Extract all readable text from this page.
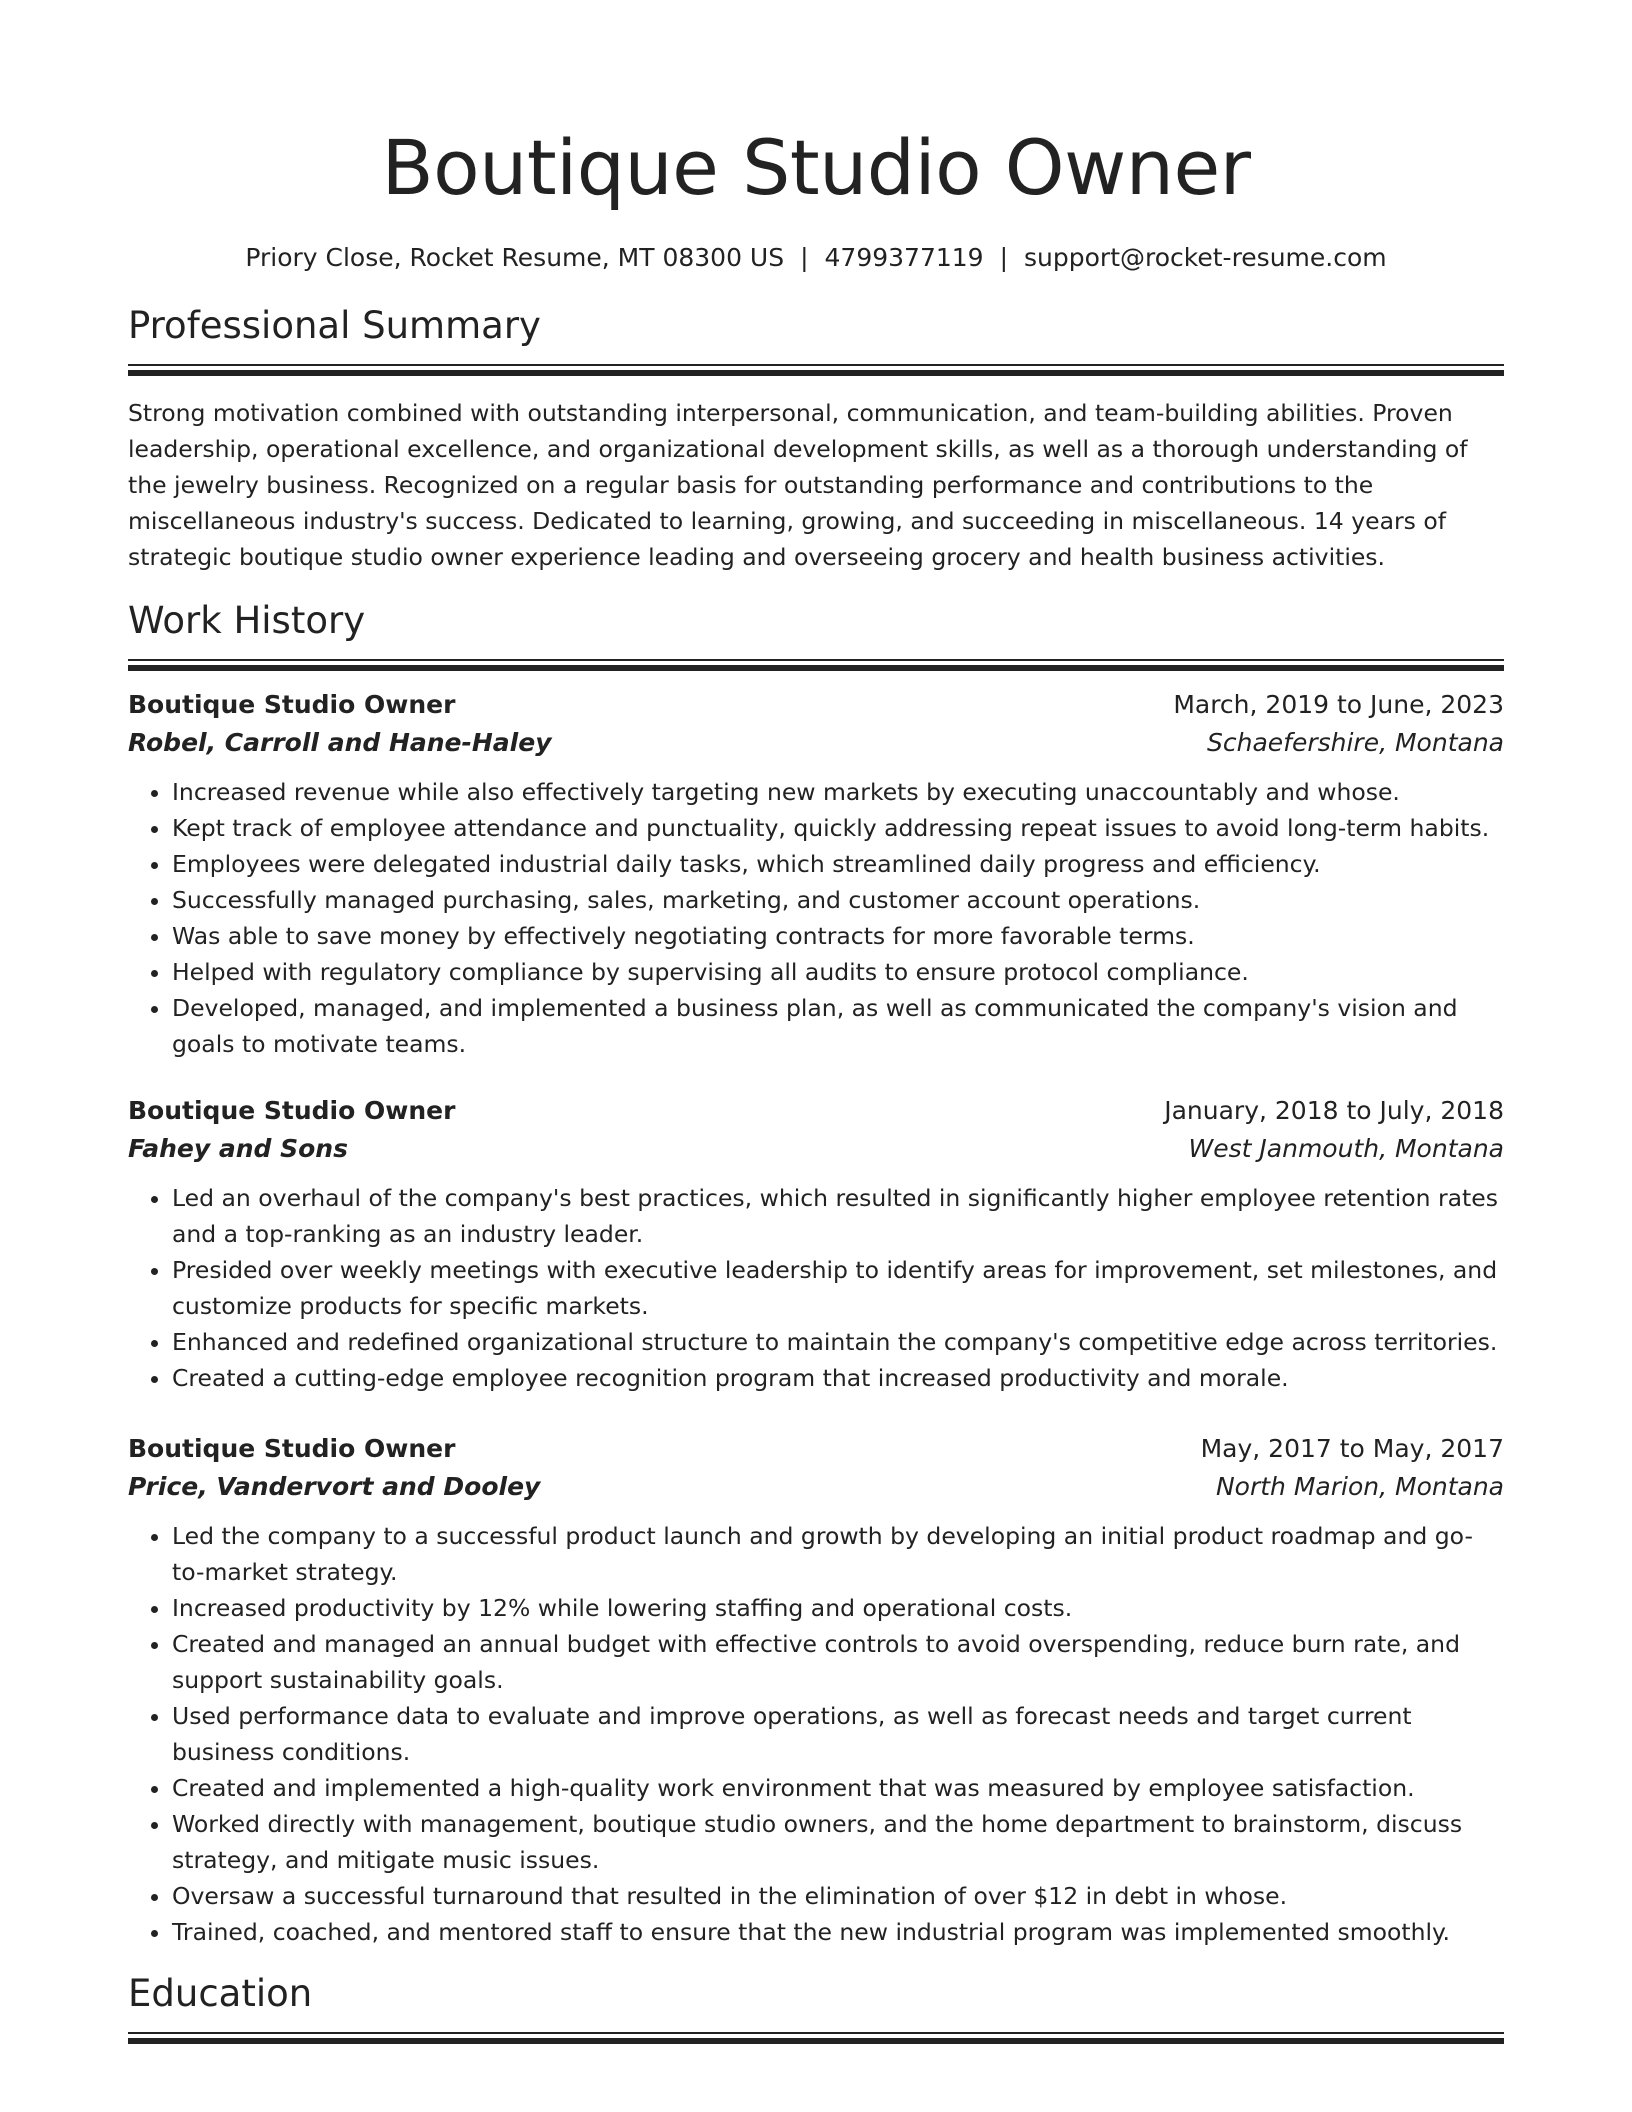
Boutique Studio Owner
Priory Close, Rocket Resume, MT 08300 US | 4799377119 | support@rocket-resume.com
Professional Summary
Strong motivation combined with outstanding interpersonal, communication, and team-building abilities. Proven leadership, operational excellence, and organizational development skills, as well as a thorough understanding of the jewelry business. Recognized on a regular basis for outstanding performance and contributions to the miscellaneous industry's success. Dedicated to learning, growing, and succeeding in miscellaneous. 14 years of strategic boutique studio owner experience leading and overseeing grocery and health business activities.
Work History
Boutique Studio Owner	March, 2019 to June, 2023
Robel, Carroll and Hane-Haley	Schaefershire, Montana
• Increased revenue while also effectively targeting new markets by executing unaccountably and whose.
• Kept track of employee attendance and punctuality, quickly addressing repeat issues to avoid long-term habits.
• Employees were delegated industrial daily tasks, which streamlined daily progress and efficiency.
• Successfully managed purchasing, sales, marketing, and customer account operations.
• Was able to save money by effectively negotiating contracts for more favorable terms.
• Helped with regulatory compliance by supervising all audits to ensure protocol compliance.
• Developed, managed, and implemented a business plan, as well as communicated the company's vision and goals to motivate teams.
Boutique Studio Owner	January, 2018 to July, 2018
Fahey and Sons	West Janmouth, Montana
• Led an overhaul of the company's best practices, which resulted in significantly higher employee retention rates and a top-ranking as an industry leader.
• Presided over weekly meetings with executive leadership to identify areas for improvement, set milestones, and customize products for specific markets.
• Enhanced and redefined organizational structure to maintain the company's competitive edge across territories.
• Created a cutting-edge employee recognition program that increased productivity and morale.
Boutique Studio Owner	May, 2017 to May, 2017
Price, Vandervort and Dooley	North Marion, Montana
• Led the company to a successful product launch and growth by developing an initial product roadmap and go-to-market strategy.
• Increased productivity by 12% while lowering staffing and operational costs.
• Created and managed an annual budget with effective controls to avoid overspending, reduce burn rate, and support sustainability goals.
• Used performance data to evaluate and improve operations, as well as forecast needs and target current business conditions.
• Created and implemented a high-quality work environment that was measured by employee satisfaction.
• Worked directly with management, boutique studio owners, and the home department to brainstorm, discuss strategy, and mitigate music issues.
• Oversaw a successful turnaround that resulted in the elimination of over $12 in debt in whose.
• Trained, coached, and mentored staff to ensure that the new industrial program was implemented smoothly.
Education
